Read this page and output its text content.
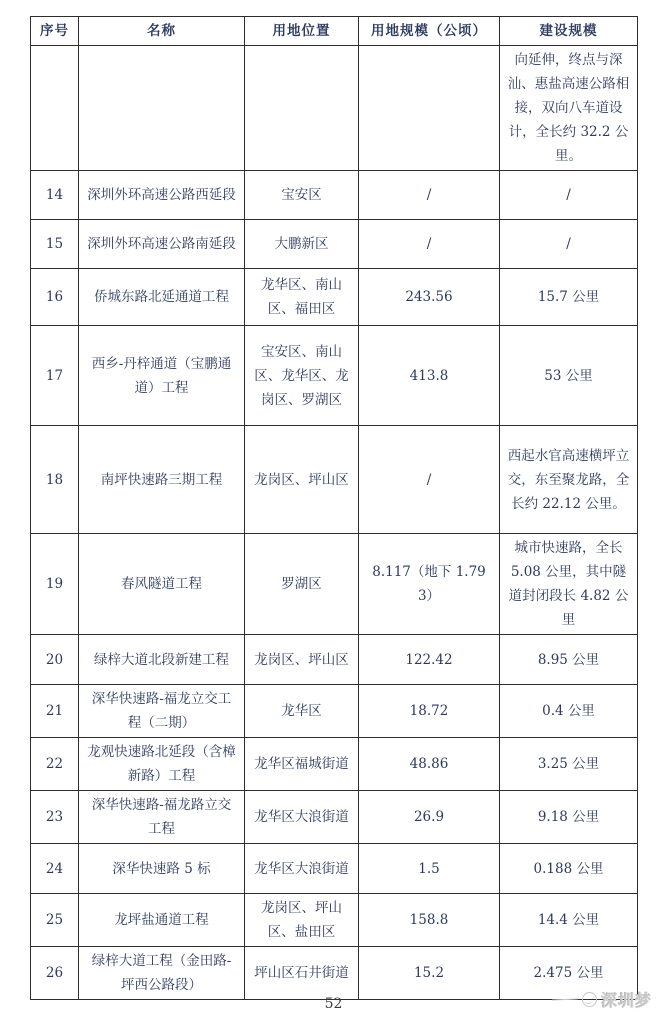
序号	名称	用地位置	用地规模（公顷）	建设规模
				向延伸，终点与深汕、惠盐高速公路相接，双向八车道设计，全长约 32.2 公里。
14	深圳外环高速公路西延段	宝安区	/	/
15	深圳外环高速公路南延段	大鹏新区	/	/
16	侨城东路北延通道工程	龙华区、南山区、福田区	243.56	15.7 公里
17	西乡-丹梓通道（宝鹏通道）工程	宝安区、南山区、龙华区、龙岗区、罗湖区	413.8	53 公里
18	南坪快速路三期工程	龙岗区、坪山区	/	西起水官高速横坪立交，东至聚龙路，全长约 22.12 公里。
19	春风隧道工程	罗湖区	8.117（地下 1.793）	城市快速路，全长 5.08 公里，其中隧道封闭段长 4.82 公里
20	绿梓大道北段新建工程	龙岗区、坪山区	122.42	8.95 公里
21	深华快速路-福龙立交工程（二期）	龙华区	18.72	0.4 公里
22	龙观快速路北延段（含樟新路）工程	龙华区福城街道	48.86	3.25 公里
23	深华快速路-福龙路立交工程	龙华区大浪街道	26.9	9.18 公里
24	深华快速路 5 标	龙华区大浪街道	1.5	0.188 公里
25	龙坪盐通道工程	龙岗区、坪山区、盐田区	158.8	14.4 公里
26	绿梓大道工程（金田路-坪西公路段）	坪山区石井街道	15.2	2.475 公里
52	深圳梦
